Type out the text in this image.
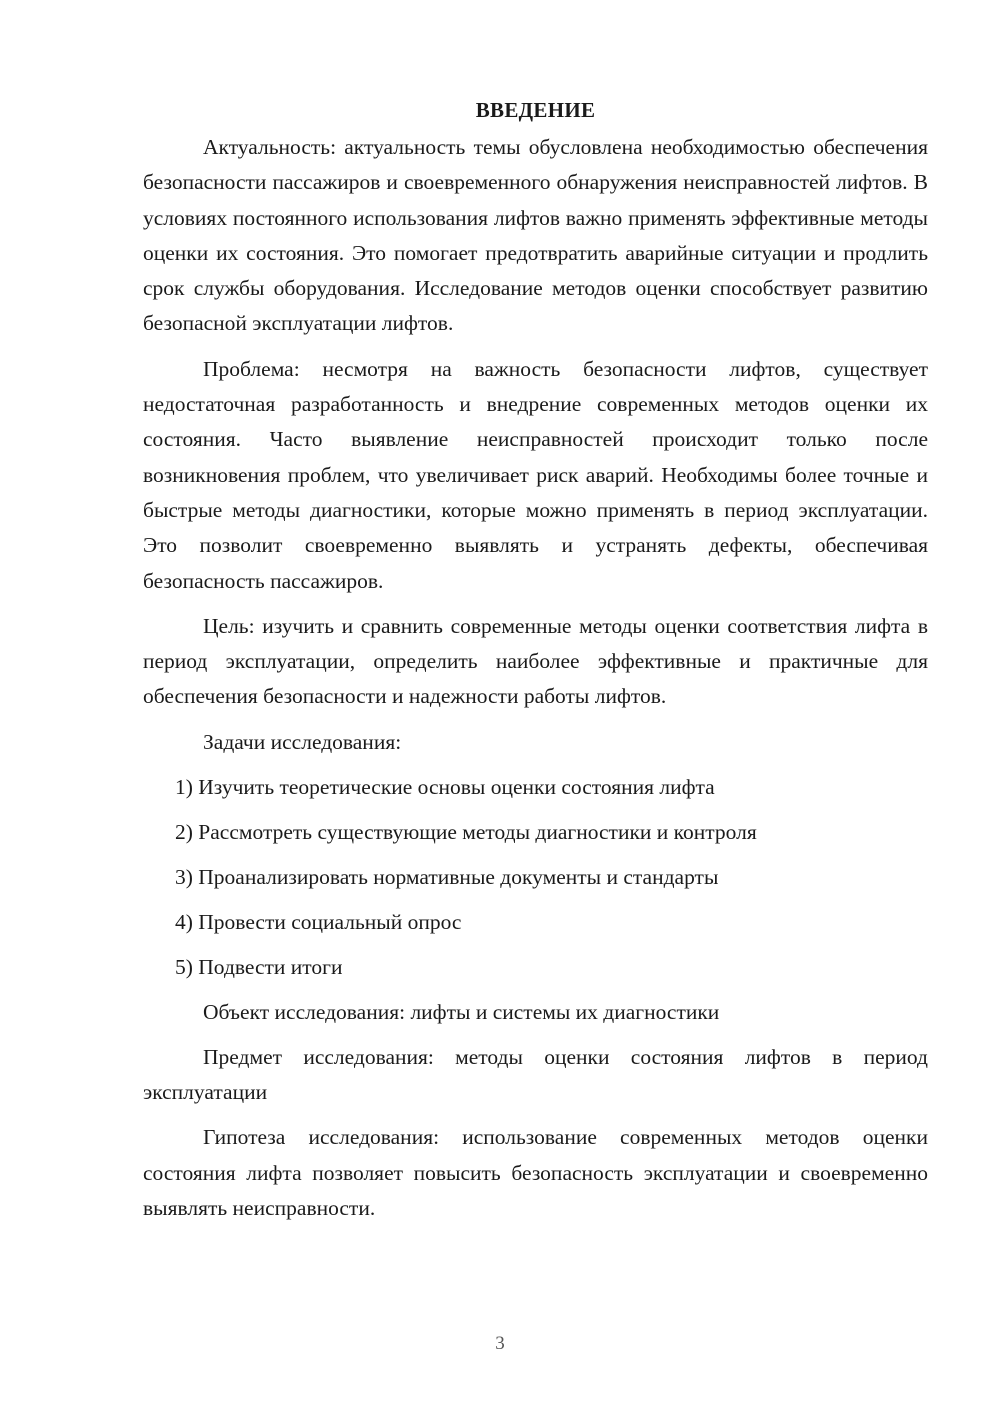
ВВЕДЕНИЕ

Актуальность: актуальность темы обусловлена необходимостью обеспечения безопасности пассажиров и своевременного обнаружения неисправностей лифтов. В условиях постоянного использования лифтов важно применять эффективные методы оценки их состояния. Это помогает предотвратить аварийные ситуации и продлить срок службы оборудования. Исследование методов оценки способствует развитию безопасной эксплуатации лифтов.

Проблема: несмотря на важность безопасности лифтов, существует недостаточная разработанность и внедрение современных методов оценки их состояния. Часто выявление неисправностей происходит только после возникновения проблем, что увеличивает риск аварий. Необходимы более точные и быстрые методы диагностики, которые можно применять в период эксплуатации. Это позволит своевременно выявлять и устранять дефекты, обеспечивая безопасность пассажиров.

Цель: изучить и сравнить современные методы оценки соответствия лифта в период эксплуатации, определить наиболее эффективные и практичные для обеспечения безопасности и надежности работы лифтов.

Задачи исследования:
1) Изучить теоретические основы оценки состояния лифта
2) Рассмотреть существующие методы диагностики и контроля
3) Проанализировать нормативные документы и стандарты
4) Провести социальный опрос
5) Подвести итоги
Объект исследования: лифты и системы их диагностики

Предмет исследования: методы оценки состояния лифтов в период эксплуатации

Гипотеза исследования: использование современных методов оценки состояния лифта позволяет повысить безопасность эксплуатации и своевременно выявлять неисправности.

3
